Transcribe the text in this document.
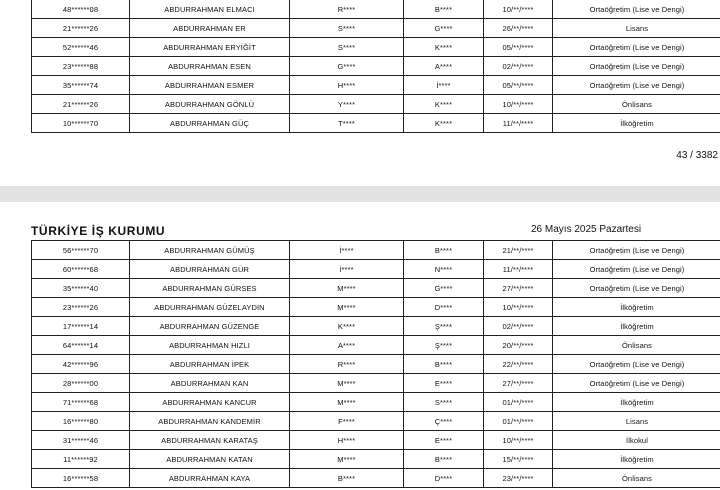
48******08	ABDURRAHMAN ELMACI	R****	B****	10/**/****	Ortaöğretim (Lise ve Dengi)
21******26	ABDURRAHMAN ER	S****	G****	26/**/****	Lisans
52******46	ABDURRAHMAN ERYİĞİT	S****	K****	05/**/****	Ortaöğretim (Lise ve Dengi)
23******88	ABDURRAHMAN ESEN	G****	A****	02/**/****	Ortaöğretim (Lise ve Dengi)
35******74	ABDURRAHMAN ESMER	H****	İ****	05/**/****	Ortaöğretim (Lise ve Dengi)
21******26	ABDURRAHMAN GÖNLÜ	Y****	K****	10/**/****	Önlisans
10******70	ABDURRAHMAN GÜÇ	T****	K****	11/**/****	İlköğretim
43 / 3382
TÜRKİYE İŞ KURUMU	26 Mayıs 2025 Pazartesi
56******70	ABDURRAHMAN GÜMÜŞ	İ****	B****	21/**/****	Ortaöğretim (Lise ve Dengi)
60******68	ABDURRAHMAN GÜR	İ****	N****	11/**/****	Ortaöğretim (Lise ve Dengi)
35******40	ABDURRAHMAN GÜRSES	M****	G****	27/**/****	Ortaöğretim (Lise ve Dengi)
23******26	ABDURRAHMAN GÜZELAYDIN	M****	D****	10/**/****	İlköğretim
17******14	ABDURRAHMAN GÜZENGE	K****	Ş****	02/**/****	İlköğretim
64******14	ABDURRAHMAN HIZLI	A****	Ş****	20/**/****	Önlisans
42******96	ABDURRAHMAN İPEK	R****	B****	22/**/****	Ortaöğretim (Lise ve Dengi)
28******00	ABDURRAHMAN KAN	M****	E****	27/**/****	Ortaöğretim (Lise ve Dengi)
71******68	ABDURRAHMAN KANCUR	M****	S****	01/**/****	İlköğretim
16******80	ABDURRAHMAN KANDEMİR	F****	Ç****	01/**/****	Lisans
31******46	ABDURRAHMAN KARATAŞ	H****	E****	10/**/****	İlkokul
11******92	ABDURRAHMAN KATAN	M****	B****	15/**/****	İlköğretim
16******58	ABDURRAHMAN KAYA	B****	D****	23/**/****	Önlisans
